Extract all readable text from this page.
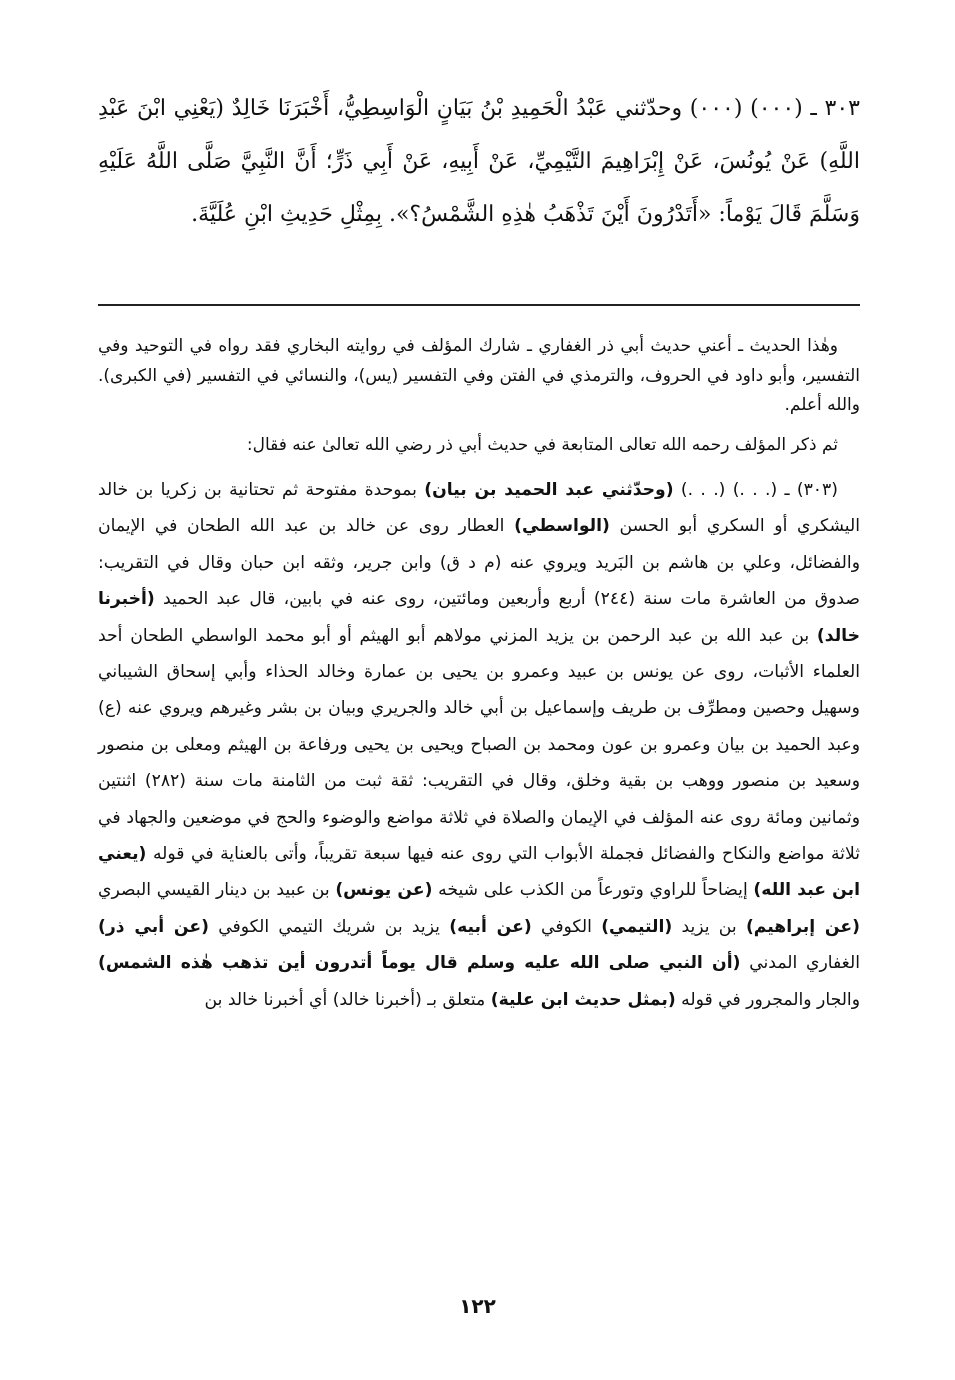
٣٠٣ ـ (٠٠٠) (٠٠٠) وحدّثني عَبْدُ الْحَمِيدِ بْنُ بَيَانٍ الْوَاسِطِيُّ، أَخْبَرَنَا خَالِدٌ (يَعْنِي ابْنَ عَبْدِ اللَّهِ) عَنْ يُونُسَ، عَنْ إِبْرَاهِيمَ التَّيْمِيِّ، عَنْ أَبِيهِ، عَنْ أَبِي ذَرٍّ؛ أَنَّ النَّبِيَّ صَلَّى اللَّهُ عَلَيْهِ وَسَلَّمَ قَالَ يَوْماً: «أَتَدْرُونَ أَيْنَ تَذْهَبُ هٰذِهِ الشَّمْسُ؟». بِمِثْلِ حَدِيثِ ابْنِ عُلَيَّةَ.

وهٰذا الحديث ـ أعني حديث أبي ذر الغفاري ـ شارك المؤلف في روايته البخاري فقد رواه في التوحيد وفي التفسير، وأبو داود في الحروف، والترمذي في الفتن وفي التفسير (يس)، والنسائي في التفسير (في الكبرى). والله أعلم.

ثم ذكر المؤلف رحمه الله تعالى المتابعة في حديث أبي ذر رضي الله تعالىٰ عنه فقال:

(٣٠٣) ـ (. . .) (. . .) (وحدّثني عبد الحميد بن بيان) بموحدة مفتوحة ثم تحتانية بن زكريا بن خالد اليشكري أو السكري أبو الحسن (الواسطي) العطار روى عن خالد بن عبد الله الطحان في الإيمان والفضائل، وعلي بن هاشم بن البَريد ويروي عنه (م د ق) وابن جرير، وثقه ابن حبان وقال في التقريب: صدوق من العاشرة مات سنة (٢٤٤) أربع وأربعين ومائتين، روى عنه في بابين، قال عبد الحميد (أخبرنا خالد) بن عبد الله بن عبد الرحمن بن يزيد المزني مولاهم أبو الهيثم أو أبو محمد الواسطي الطحان أحد العلماء الأثبات، روى عن يونس بن عبيد وعمرو بن يحيى بن عمارة وخالد الحذاء وأبي إسحاق الشيباني وسهيل وحصين ومطرِّف بن طريف وإسماعيل بن أبي خالد والجريري وبيان بن بشر وغيرهم ويروي عنه (ع) وعبد الحميد بن بيان وعمرو بن عون ومحمد بن الصباح ويحيى بن يحيى ورفاعة بن الهيثم ومعلى بن منصور وسعيد بن منصور ووهب بن بقية وخلق، وقال في التقريب: ثقة ثبت من الثامنة مات سنة (٢٨٢) اثنتين وثمانين ومائة روى عنه المؤلف في الإيمان والصلاة في ثلاثة مواضع والوضوء والحج في موضعين والجهاد في ثلاثة مواضع والنكاح والفضائل فجملة الأبواب التي روى عنه فيها سبعة تقريباً، وأتى بالعناية في قوله (يعني ابن عبد الله) إيضاحاً للراوي وتورعاً من الكذب على شيخه (عن يونس) بن عبيد بن دينار القيسي البصري (عن إبراهيم) بن يزيد (التيمي) الكوفي (عن أبيه) يزيد بن شريك التيمي الكوفي (عن أبي ذر) الغفاري المدني (أن النبي صلى الله عليه وسلم قال يوماً أتدرون أين تذهب هٰذه الشمس) والجار والمجرور في قوله (بمثل حديث ابن علية) متعلق بـ (أخبرنا خالد) أي أخبرنا خالد بن

١٢٢
